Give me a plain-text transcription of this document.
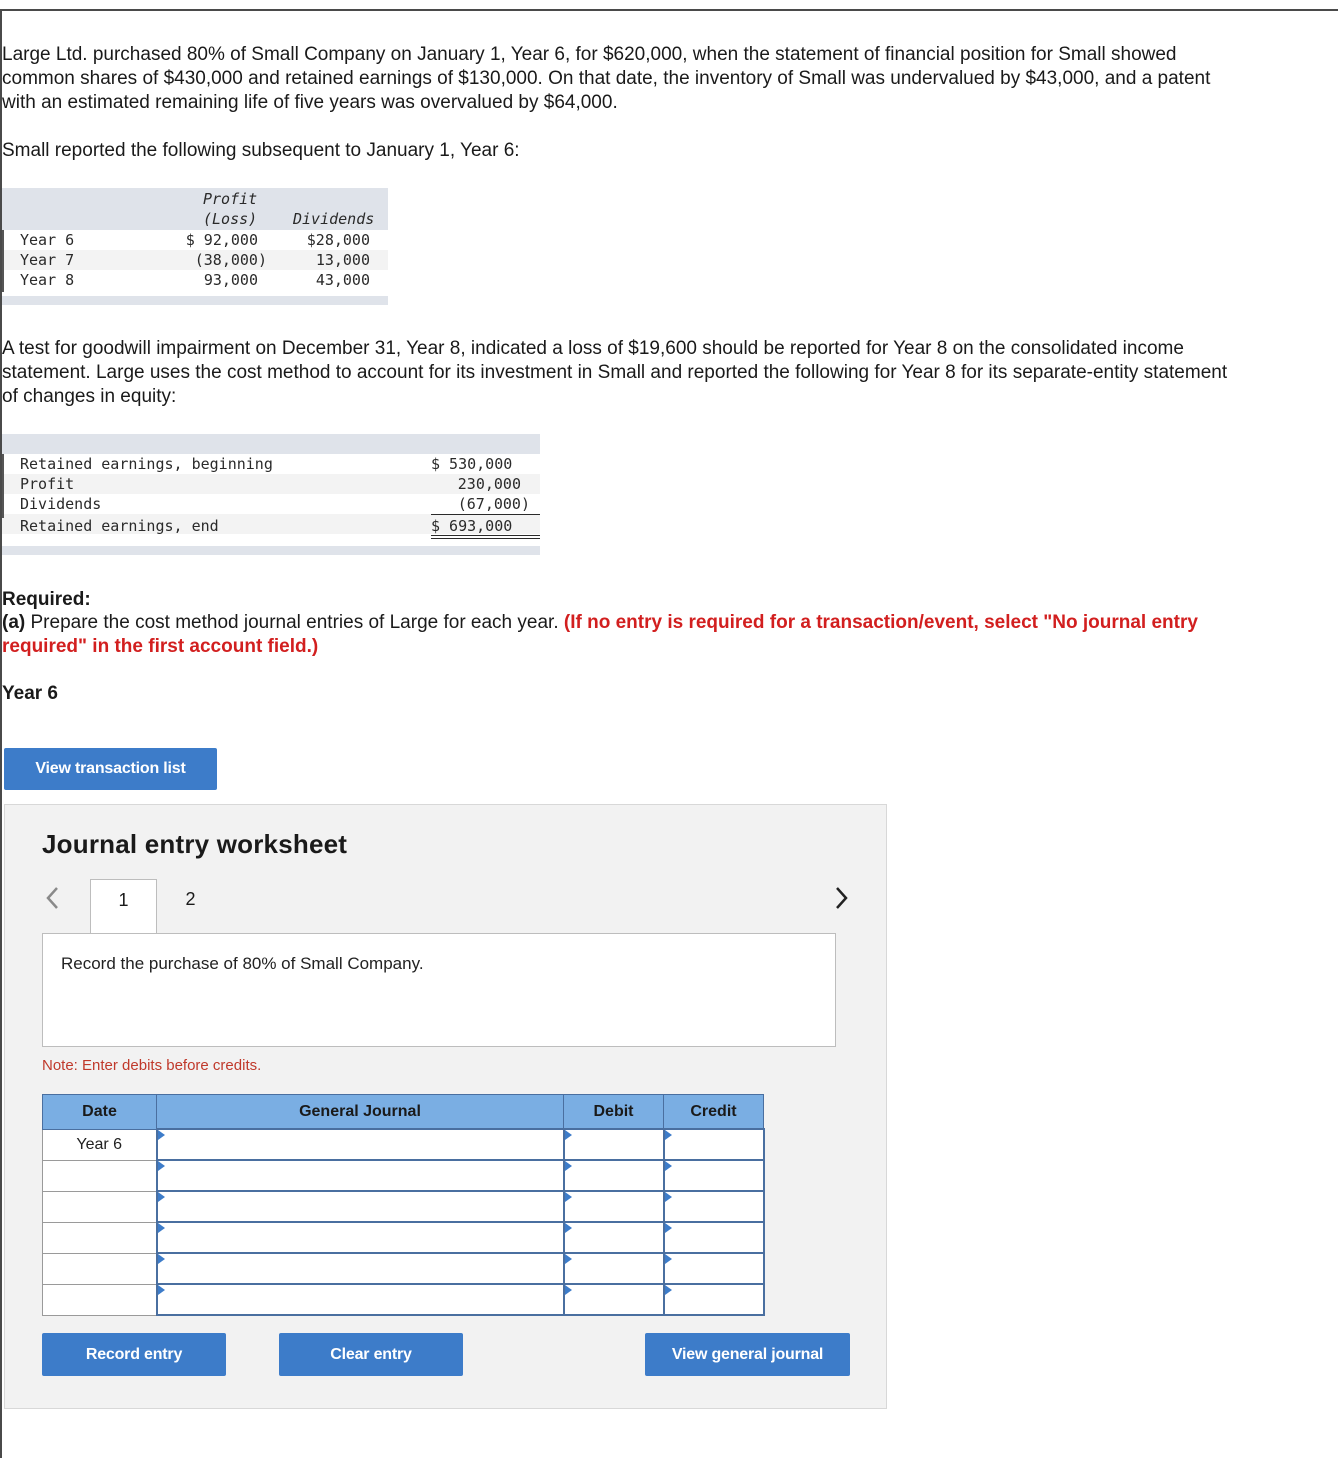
Large Ltd. purchased 80% of Small Company on January 1, Year 6, for $620,000, when the statement of financial position for Small showed common shares of $430,000 and retained earnings of $130,000. On that date, the inventory of Small was undervalued by $43,000, and a patent with an estimated remaining life of five years was overvalued by $64,000.

Small reported the following subsequent to January 1, Year 6:

Profit
(Loss) Dividends
Year 6	$ 92,000	$28,000
Year 7	(38,000)	13,000
Year 8	93,000	43,000

A test for goodwill impairment on December 31, Year 8, indicated a loss of $19,600 should be reported for Year 8 on the consolidated income statement. Large uses the cost method to account for its investment in Small and reported the following for Year 8 for its separate-entity statement of changes in equity:

Retained earnings, beginning	$ 530,000
Profit	230,000
Dividends	(67,000)
Retained earnings, end	$ 693,000
Required:
(a) Prepare the cost method journal entries of Large for each year. (If no entry is required for a transaction/event, select "No journal entry required" in the first account field.)
Year 6
View transaction list
Journal entry worksheet
1	2
Record the purchase of 80% of Small Company.
Note: Enter debits before credits.
Date	General Journal	Debit	Credit
Year 6			

Record entry	Clear entry	View general journal
